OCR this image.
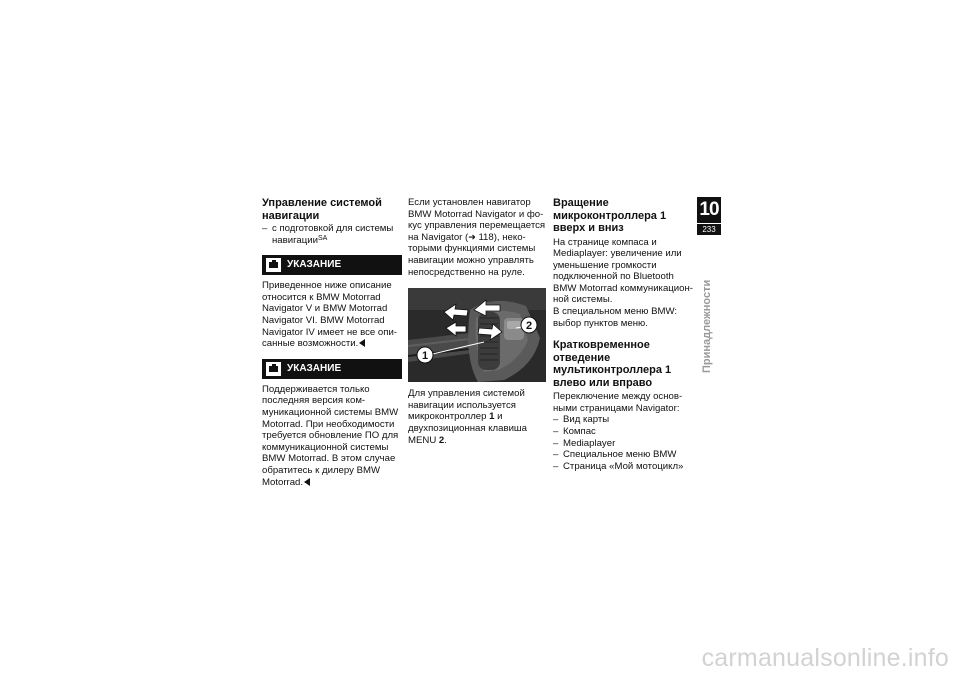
Управление системой навигации

– с подготовкой для системы навигации$^{SA}$

УКАЗАНИЕ

Приведенное ниже описание относится к BMW Motorrad Navigator V и BMW Motorrad Navigator VI. BMW Motorrad Navigator IV имеет не все описанные возможности.

УКАЗАНИЕ

Поддерживается только последняя версия коммуникационной системы BMW Motorrad. При необходимости требуется обновление ПО для коммуникационной системы BMW Motorrad. В этом случае обратитесь к дилеру BMW Motorrad.

Если установлен навигатор BMW Motorrad Navigator и фокус управления перемещается на Navigator (➜ 118), некоторыми функциями системы навигации можно управлять непосредственно на руле.

1
2

Для управления системой навигации используется микроконтроллер 1 и двухпозиционная клавиша MENU 2.

Вращение микроконтроллера 1 вверх и вниз

На странице компаса и Mediaplayer: увеличение или уменьшение громкости подключенной по Bluetooth BMW Motorrad коммуникационной системы.

В специальном меню BMW: выбор пунктов меню.

Кратковременное отведение мультиконтроллера 1 влево или вправо

Переключение между основными страницами Navigator:

– Вид карты

– Компас

– Mediaplayer

– Специальное меню BMW

– Страница «Мой мотоцикл»

10
233
Принадлежности
carmanualsonline.info
